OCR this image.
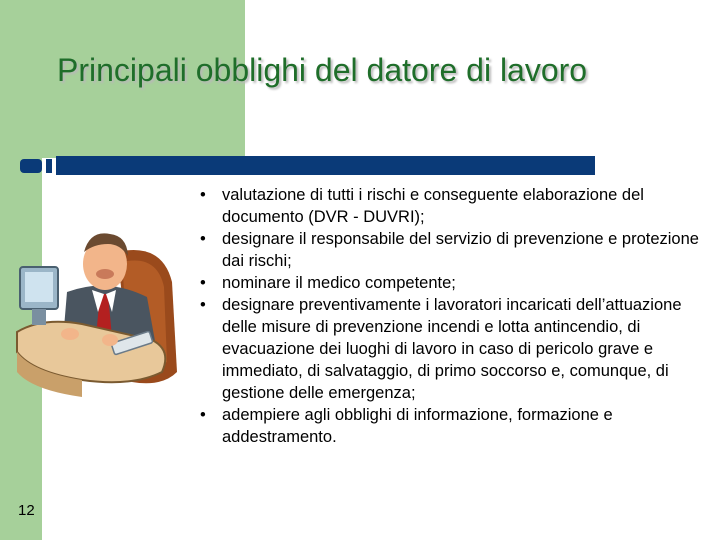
Principali obblighi del datore di lavoro
• valutazione di tutti i rischi e conseguente elaborazione del documento (DVR - DUVRI);
• designare il responsabile del servizio di prevenzione e protezione dai rischi;
• nominare il medico competente;
• designare preventivamente i lavoratori incaricati dell’attuazione delle misure di prevenzione incendi e lotta antincendio, di evacuazione dei luoghi di lavoro in caso di pericolo grave e immediato, di salvataggio, di primo soccorso e, comunque, di gestione delle emergenza;
• adempiere agli obblighi di informazione, formazione e addestramento.
12
